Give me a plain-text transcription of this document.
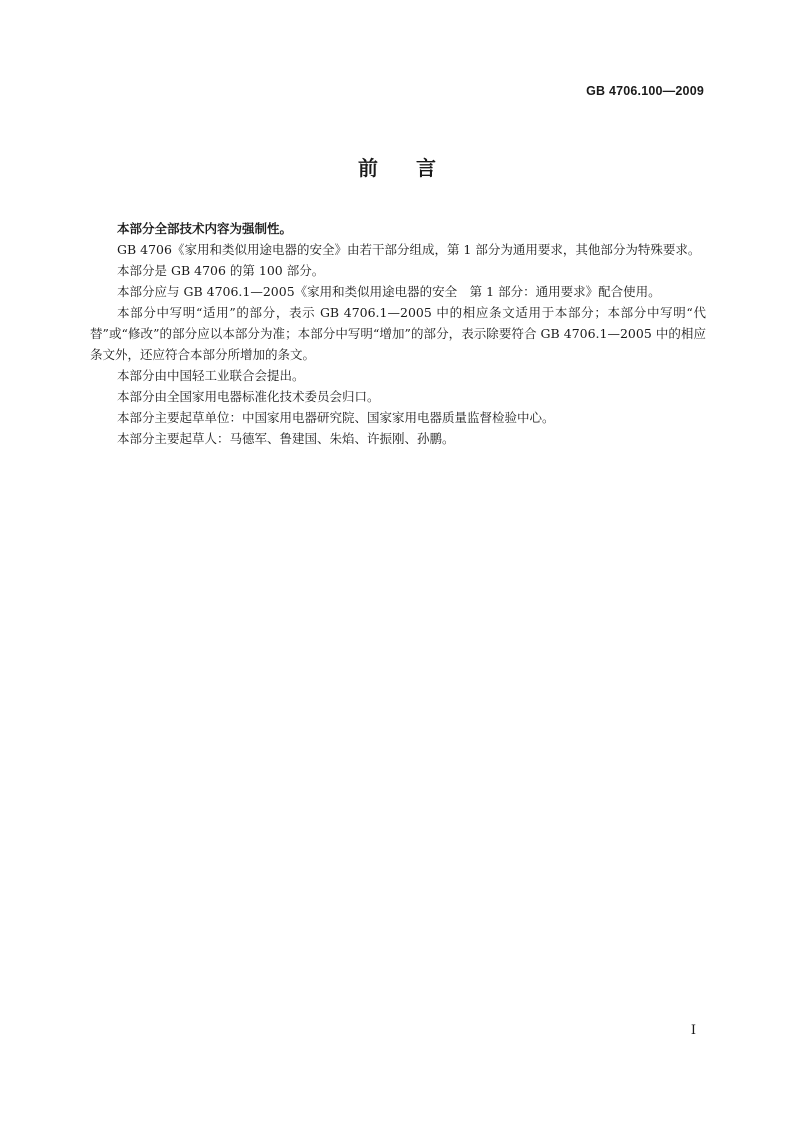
GB 4706.100—2009
前言

本部分全部技术内容为强制性。

GB 4706《家用和类似用途电器的安全》由若干部分组成，第 1 部分为通用要求，其他部分为特殊要求。

本部分是 GB 4706 的第 100 部分。

本部分应与 GB 4706.1—2005《家用和类似用途电器的安全　第 1 部分：通用要求》配合使用。

本部分中写明“适用”的部分，表示 GB 4706.1—2005 中的相应条文适用于本部分；本部分中写明“代替”或“修改”的部分应以本部分为准；本部分中写明“增加”的部分，表示除要符合 GB 4706.1—2005 中的相应条文外，还应符合本部分所增加的条文。

本部分由中国轻工业联合会提出。

本部分由全国家用电器标准化技术委员会归口。

本部分主要起草单位：中国家用电器研究院、国家家用电器质量监督检验中心。

本部分主要起草人：马德军、鲁建国、朱焰、许振刚、孙鹏。

I
